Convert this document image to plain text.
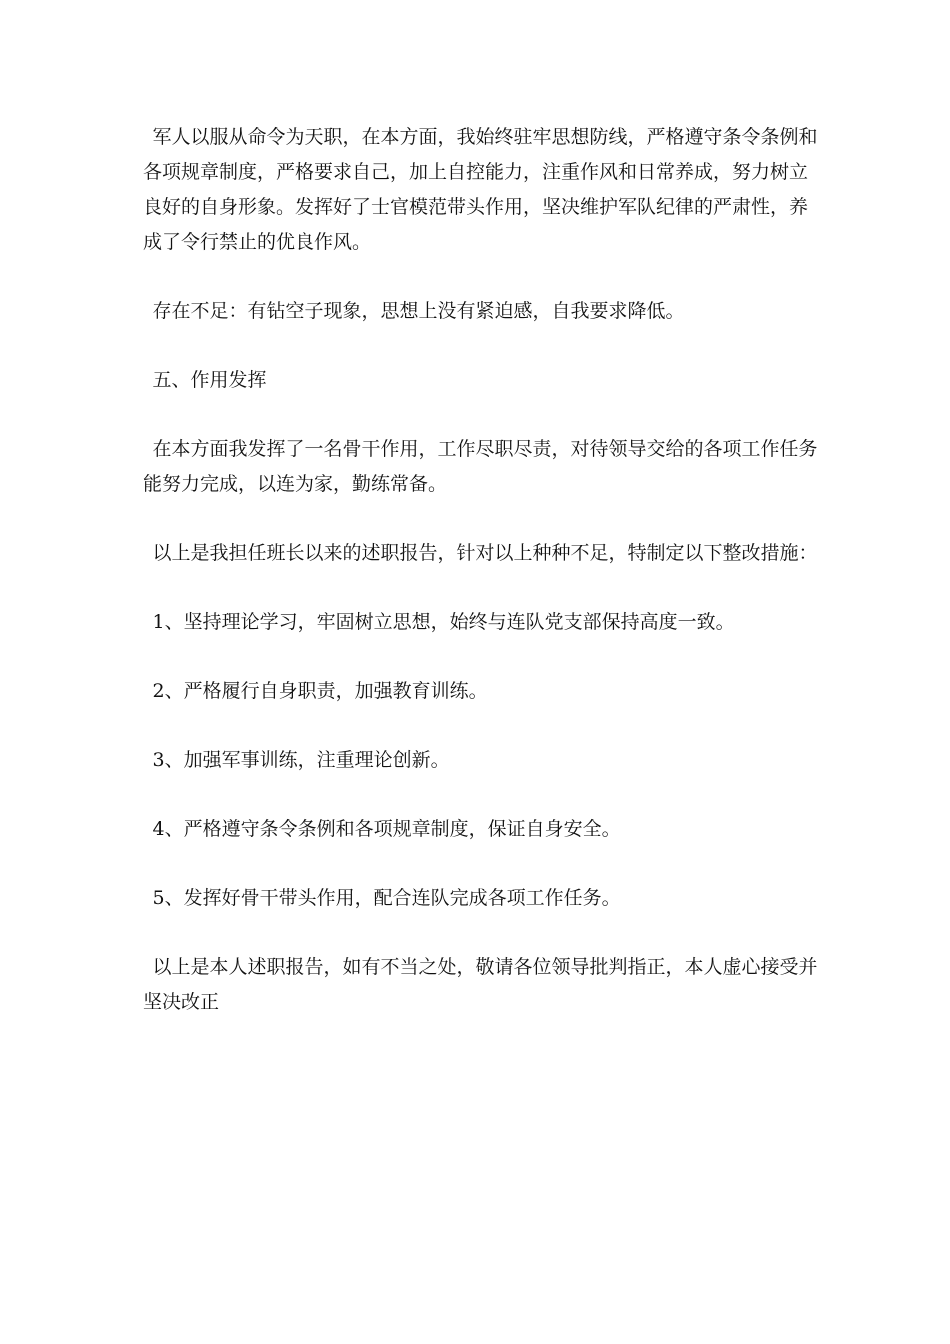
军人以服从命令为天职，在本方面，我始终驻牢思想防线，严格遵守条令条例和各项规章制度，严格要求自己，加上自控能力，注重作风和日常养成，努力树立良好的自身形象。发挥好了士官模范带头作用，坚决维护军队纪律的严肃性，养成了令行禁止的优良作风。

存在不足：有钻空子现象，思想上没有紧迫感，自我要求降低。

五、作用发挥

在本方面我发挥了一名骨干作用，工作尽职尽责，对待领导交给的各项工作任务能努力完成，以连为家，勤练常备。

以上是我担任班长以来的述职报告，针对以上种种不足，特制定以下整改措施：

1、坚持理论学习，牢固树立思想，始终与连队党支部保持高度一致。

2、严格履行自身职责，加强教育训练。

3、加强军事训练，注重理论创新。

4、严格遵守条令条例和各项规章制度，保证自身安全。

5、发挥好骨干带头作用，配合连队完成各项工作任务。

以上是本人述职报告，如有不当之处，敬请各位领导批判指正，本人虚心接受并坚决改正
